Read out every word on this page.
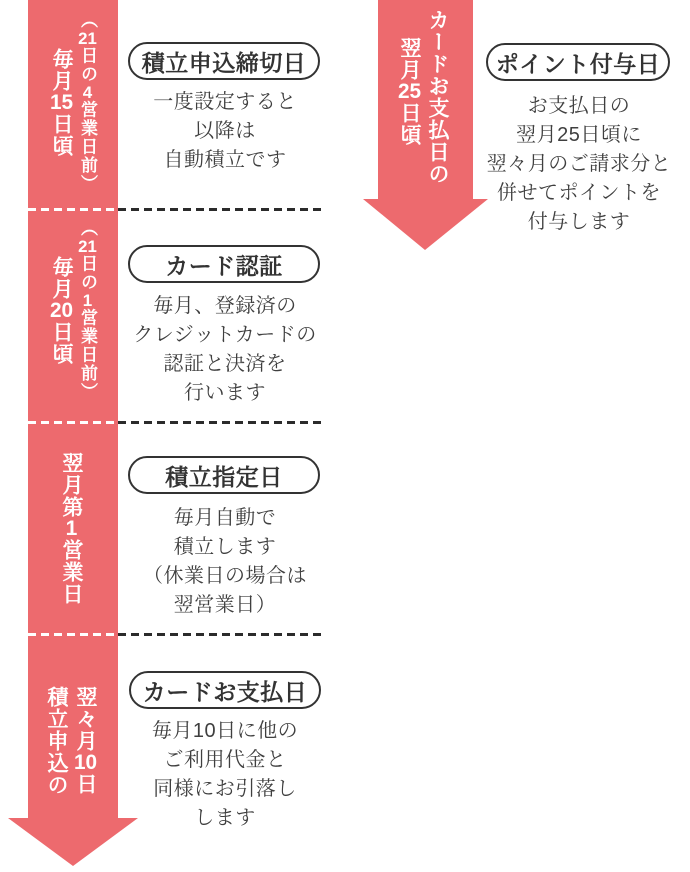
（21日の4営業日前）
毎月15日頃
（21日の1営業日前）
毎月20日頃
翌月第1営業日
翌々月10日
積立申込の
カードお支払日の
翌月25日頃
積立申込締切日
カード認証
積立指定日
カードお支払日
ポイント付与日
一度設定すると
以降は
自動積立です
毎月、登録済の
クレジットカードの
認証と決済を
行います
毎月自動で
積立します
（休業日の場合は
翌営業日）
毎月10日に他の
ご利用代金と
同様にお引落し
します
お支払日の
翌月25日頃に
翌々月のご請求分と
併せてポイントを
付与します
